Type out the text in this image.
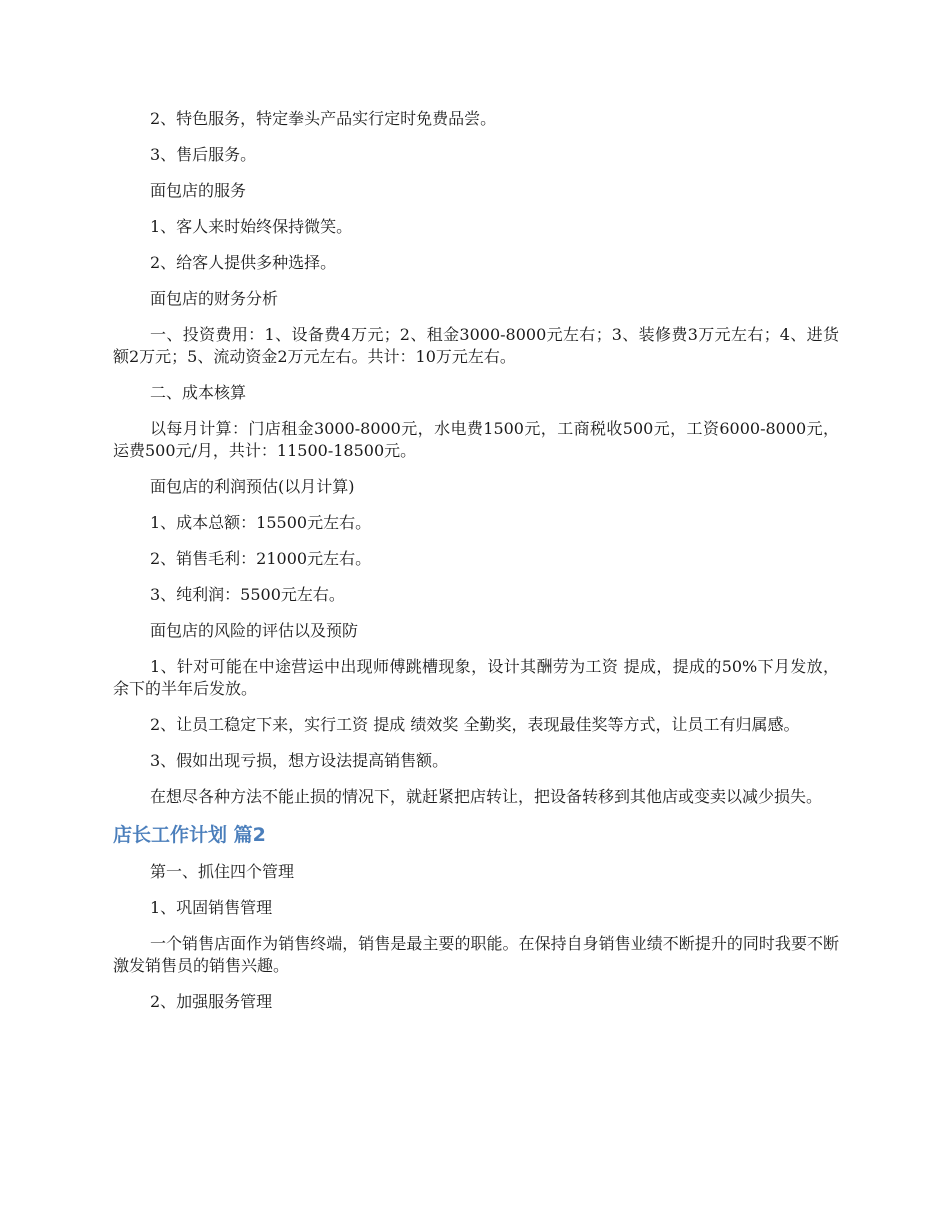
2、特色服务，特定拳头产品实行定时免费品尝。

3、售后服务。

面包店的服务

1、客人来时始终保持微笑。

2、给客人提供多种选择。

面包店的财务分析

一、投资费用：1、设备费4万元；2、租金3000-8000元左右；3、装修费3万元左右；4、进货额2万元；5、流动资金2万元左右。共计：10万元左右。

二、成本核算

以每月计算：门店租金3000-8000元，水电费1500元，工商税收500元，工资6000-8000元，运费500元/月，共计：11500-18500元。

面包店的利润预估(以月计算)

1、成本总额：15500元左右。

2、销售毛利：21000元左右。

3、纯利润：5500元左右。

面包店的风险的评估以及预防

1、针对可能在中途营运中出现师傅跳槽现象，设计其酬劳为工资 提成，提成的50%下月发放，余下的半年后发放。

2、让员工稳定下来，实行工资 提成 绩效奖 全勤奖，表现最佳奖等方式，让员工有归属感。

3、假如出现亏损，想方设法提高销售额。

在想尽各种方法不能止损的情况下，就赶紧把店转让，把设备转移到其他店或变卖以减少损失。

店长工作计划 篇2

第一、抓住四个管理

1、巩固销售管理

一个销售店面作为销售终端，销售是最主要的职能。在保持自身销售业绩不断提升的同时我要不断激发销售员的销售兴趣。

2、加强服务管理
